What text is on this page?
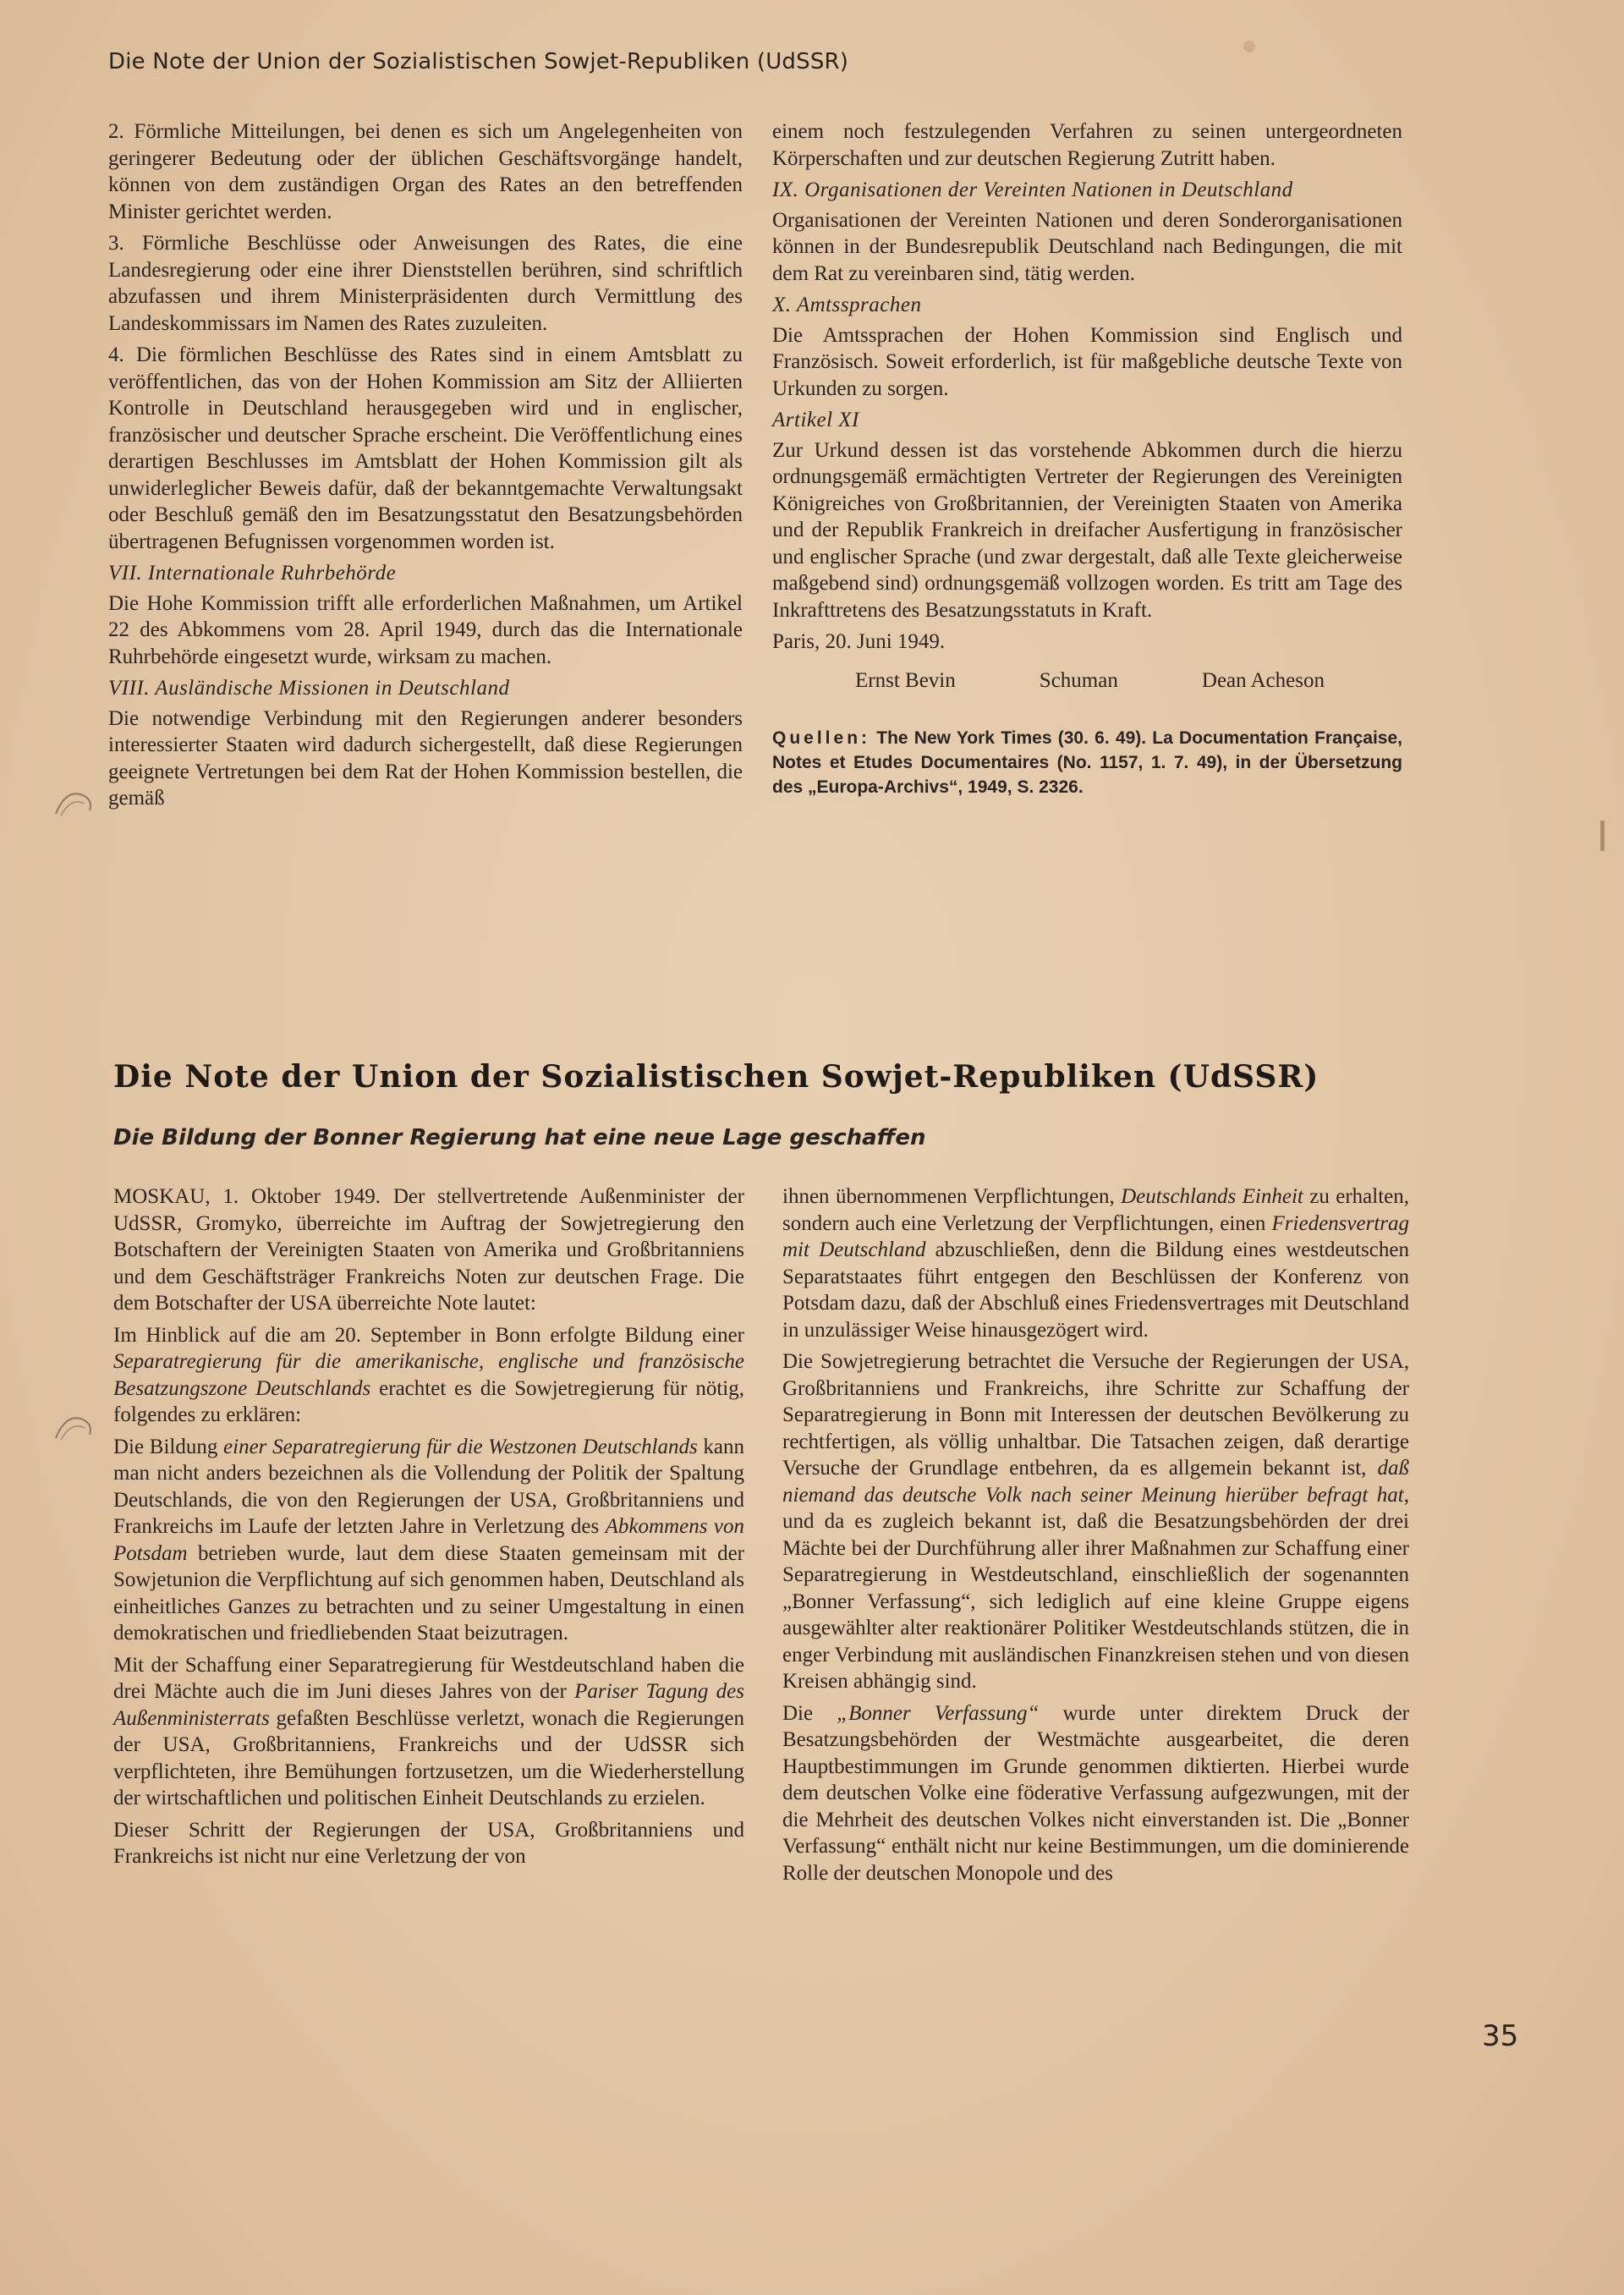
Die Note der Union der Sozialistischen Sowjet-Republiken (UdSSR)

2. Förmliche Mitteilungen, bei denen es sich um Angelegenheiten von geringerer Bedeutung oder der üblichen Geschäftsvorgänge handelt, können von dem zuständigen Organ des Rates an den betreffenden Minister gerichtet werden.

3. Förmliche Beschlüsse oder Anweisungen des Rates, die eine Landesregierung oder eine ihrer Dienststellen berühren, sind schriftlich abzufassen und ihrem Ministerpräsidenten durch Vermittlung des Landeskommissars im Namen des Rates zuzuleiten.

4. Die förmlichen Beschlüsse des Rates sind in einem Amtsblatt zu veröffentlichen, das von der Hohen Kommission am Sitz der Alliierten Kontrolle in Deutschland herausgegeben wird und in englischer, französischer und deutscher Sprache erscheint. Die Veröffentlichung eines derartigen Beschlusses im Amtsblatt der Hohen Kommission gilt als unwiderleglicher Beweis dafür, daß der bekanntgemachte Verwaltungsakt oder Beschluß gemäß den im Besatzungsstatut den Besatzungsbehörden übertragenen Befugnissen vorgenommen worden ist.

VII. Internationale Ruhrbehörde

Die Hohe Kommission trifft alle erforderlichen Maßnahmen, um Artikel 22 des Abkommens vom 28. April 1949, durch das die Internationale Ruhrbehörde eingesetzt wurde, wirksam zu machen.

VIII. Ausländische Missionen in Deutschland

Die notwendige Verbindung mit den Regierungen anderer besonders interessierter Staaten wird dadurch sichergestellt, daß diese Regierungen geeignete Vertretungen bei dem Rat der Hohen Kommission bestellen, die gemäß

einem noch festzulegenden Verfahren zu seinen untergeordneten Körperschaften und zur deutschen Regierung Zutritt haben.

IX. Organisationen der Vereinten Nationen in Deutschland

Organisationen der Vereinten Nationen und deren Sonderorganisationen können in der Bundesrepublik Deutschland nach Bedingungen, die mit dem Rat zu vereinbaren sind, tätig werden.

X. Amtssprachen

Die Amtssprachen der Hohen Kommission sind Englisch und Französisch. Soweit erforderlich, ist für maßgebliche deutsche Texte von Urkunden zu sorgen.

Artikel XI

Zur Urkund dessen ist das vorstehende Abkommen durch die hierzu ordnungsgemäß ermächtigten Vertreter der Regierungen des Vereinigten Königreiches von Großbritannien, der Vereinigten Staaten von Amerika und der Republik Frankreich in dreifacher Ausfertigung in französischer und englischer Sprache (und zwar dergestalt, daß alle Texte gleicherweise maßgebend sind) ordnungsgemäß vollzogen worden. Es tritt am Tage des Inkrafttretens des Besatzungsstatuts in Kraft.

Paris, 20. Juni 1949.

Ernst Bevin	Schuman	Dean Acheson
Quellen: The New York Times (30. 6. 49). La Documentation Française, Notes et Etudes Documentaires (No. 1157, 1. 7. 49), in der Übersetzung des „Europa-Archivs“, 1949, S. 2326.
Die Note der Union der Sozialistischen Sowjet-Republiken (UdSSR)
Die Bildung der Bonner Regierung hat eine neue Lage geschaffen

MOSKAU, 1. Oktober 1949. Der stellvertretende Außenminister der UdSSR, Gromyko, überreichte im Auftrag der Sowjetregierung den Botschaftern der Vereinigten Staaten von Amerika und Großbritanniens und dem Geschäftsträger Frankreichs Noten zur deutschen Frage. Die dem Botschafter der USA überreichte Note lautet:

Im Hinblick auf die am 20. September in Bonn erfolgte Bildung einer Separatregierung für die amerikanische, englische und französische Besatzungszone Deutschlands erachtet es die Sowjetregierung für nötig, folgendes zu erklären:

Die Bildung einer Separatregierung für die Westzonen Deutschlands kann man nicht anders bezeichnen als die Vollendung der Politik der Spaltung Deutschlands, die von den Regierungen der USA, Großbritanniens und Frankreichs im Laufe der letzten Jahre in Verletzung des Abkommens von Potsdam betrieben wurde, laut dem diese Staaten gemeinsam mit der Sowjetunion die Verpflichtung auf sich genommen haben, Deutschland als einheitliches Ganzes zu betrachten und zu seiner Umgestaltung in einen demokratischen und friedliebenden Staat beizutragen.

Mit der Schaffung einer Separatregierung für Westdeutschland haben die drei Mächte auch die im Juni dieses Jahres von der Pariser Tagung des Außenministerrats gefaßten Beschlüsse verletzt, wonach die Regierungen der USA, Großbritanniens, Frankreichs und der UdSSR sich verpflichteten, ihre Bemühungen fortzusetzen, um die Wiederherstellung der wirtschaftlichen und politischen Einheit Deutschlands zu erzielen.

Dieser Schritt der Regierungen der USA, Großbritanniens und Frankreichs ist nicht nur eine Verletzung der von

ihnen übernommenen Verpflichtungen, Deutschlands Einheit zu erhalten, sondern auch eine Verletzung der Verpflichtungen, einen Friedensvertrag mit Deutschland abzuschließen, denn die Bildung eines westdeutschen Separatstaates führt entgegen den Beschlüssen der Konferenz von Potsdam dazu, daß der Abschluß eines Friedensvertrages mit Deutschland in unzulässiger Weise hinausgezögert wird.

Die Sowjetregierung betrachtet die Versuche der Regierungen der USA, Großbritanniens und Frankreichs, ihre Schritte zur Schaffung der Separatregierung in Bonn mit Interessen der deutschen Bevölkerung zu rechtfertigen, als völlig unhaltbar. Die Tatsachen zeigen, daß derartige Versuche der Grundlage entbehren, da es allgemein bekannt ist, daß niemand das deutsche Volk nach seiner Meinung hierüber befragt hat, und da es zugleich bekannt ist, daß die Besatzungsbehörden der drei Mächte bei der Durchführung aller ihrer Maßnahmen zur Schaffung einer Separatregierung in Westdeutschland, einschließlich der sogenannten „Bonner Verfassung“, sich lediglich auf eine kleine Gruppe eigens ausgewählter alter reaktionärer Politiker Westdeutschlands stützen, die in enger Verbindung mit ausländischen Finanzkreisen stehen und von diesen Kreisen abhängig sind.

Die „Bonner Verfassung“ wurde unter direktem Druck der Besatzungsbehörden der Westmächte ausgearbeitet, die deren Hauptbestimmungen im Grunde genommen diktierten. Hierbei wurde dem deutschen Volke eine föderative Verfassung aufgezwungen, mit der die Mehrheit des deutschen Volkes nicht einverstanden ist. Die „Bonner Verfassung“ enthält nicht nur keine Bestimmungen, um die dominierende Rolle der deutschen Monopole und des

35
